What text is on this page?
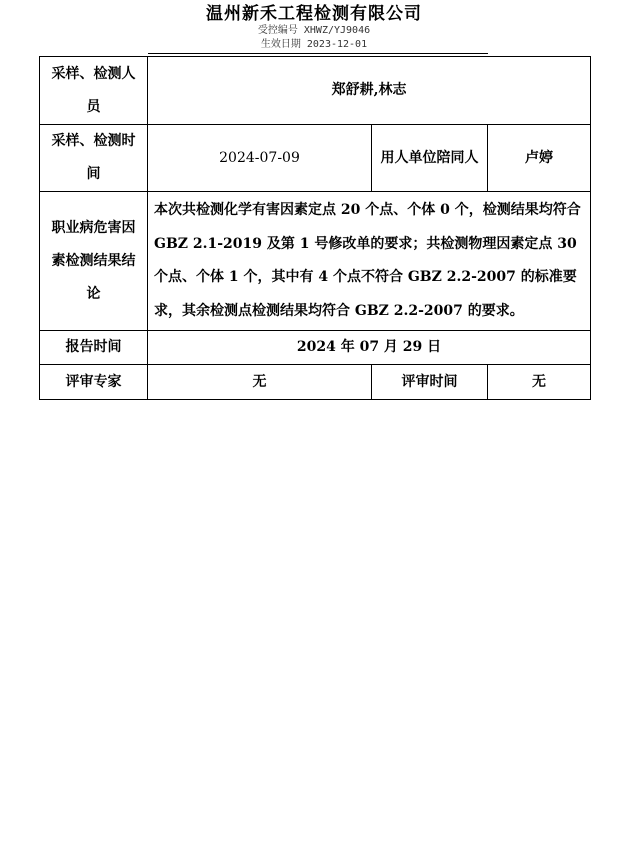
温州新禾工程检测有限公司
受控编号 XHWZ/YJ9046
生效日期 2023-12-01
采样、检测人员	郑舒耕,林志		
采样、检测时间	2024-07-09	用人单位陪同人	卢婷
职业病危害因素检测结果结论	本次共检测化学有害因素定点 20 个点、个体 0 个，检测结果均符合 GBZ 2.1-2019 及第 1 号修改单的要求；共检测物理因素定点 30 个点、个体 1 个，其中有 4 个点不符合 GBZ 2.2-2007 的标准要求，其余检测点检测结果均符合 GBZ 2.2-2007 的要求。		
报告时间	2024 年 07 月 29 日		
评审专家	无	评审时间	无
